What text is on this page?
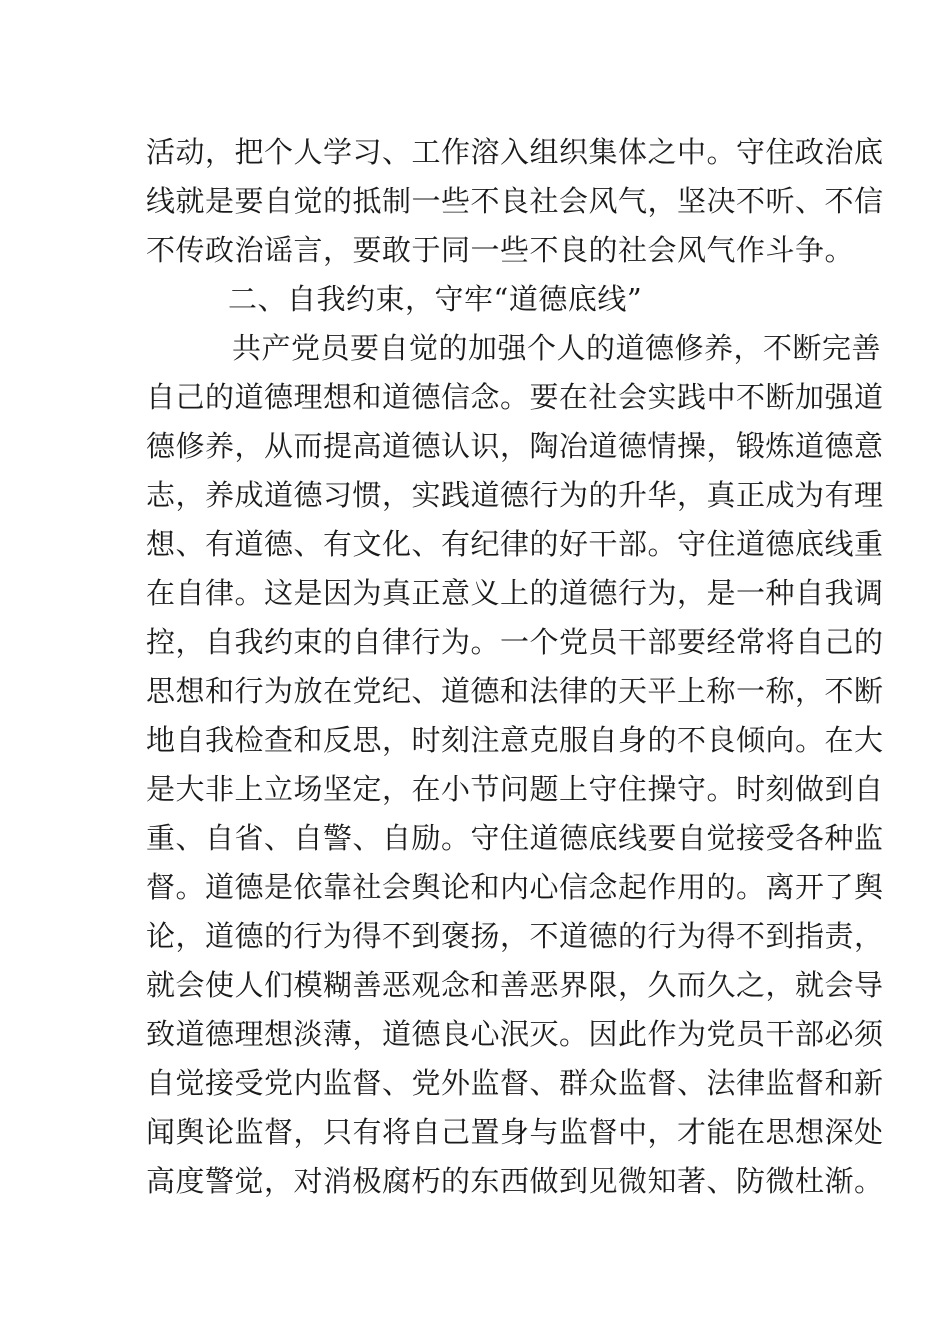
活动，把个人学习、工作溶入组织集体之中。守住政治底
线就是要自觉的抵制一些不良社会风气，坚决不听、不信
不传政治谣言，要敢于同一些不良的社会风气作斗争。
二、自我约束，守牢“道德底线”
共产党员要自觉的加强个人的道德修养，不断完善
自己的道德理想和道德信念。要在社会实践中不断加强道
德修养，从而提高道德认识，陶冶道德情操，锻炼道德意
志，养成道德习惯，实践道德行为的升华，真正成为有理
想、有道德、有文化、有纪律的好干部。守住道德底线重
在自律。这是因为真正意义上的道德行为，是一种自我调
控，自我约束的自律行为。一个党员干部要经常将自己的
思想和行为放在党纪、道德和法律的天平上称一称，不断
地自我检查和反思，时刻注意克服自身的不良倾向。在大
是大非上立场坚定，在小节问题上守住操守。时刻做到自
重、自省、自警、自励。守住道德底线要自觉接受各种监
督。道德是依靠社会舆论和内心信念起作用的。离开了舆
论，道德的行为得不到褒扬，不道德的行为得不到指责，
就会使人们模糊善恶观念和善恶界限，久而久之，就会导
致道德理想淡薄，道德良心泯灭。因此作为党员干部必须
自觉接受党内监督、党外监督、群众监督、法律监督和新
闻舆论监督，只有将自己置身与监督中，才能在思想深处
高度警觉，对消极腐朽的东西做到见微知著、防微杜渐。
